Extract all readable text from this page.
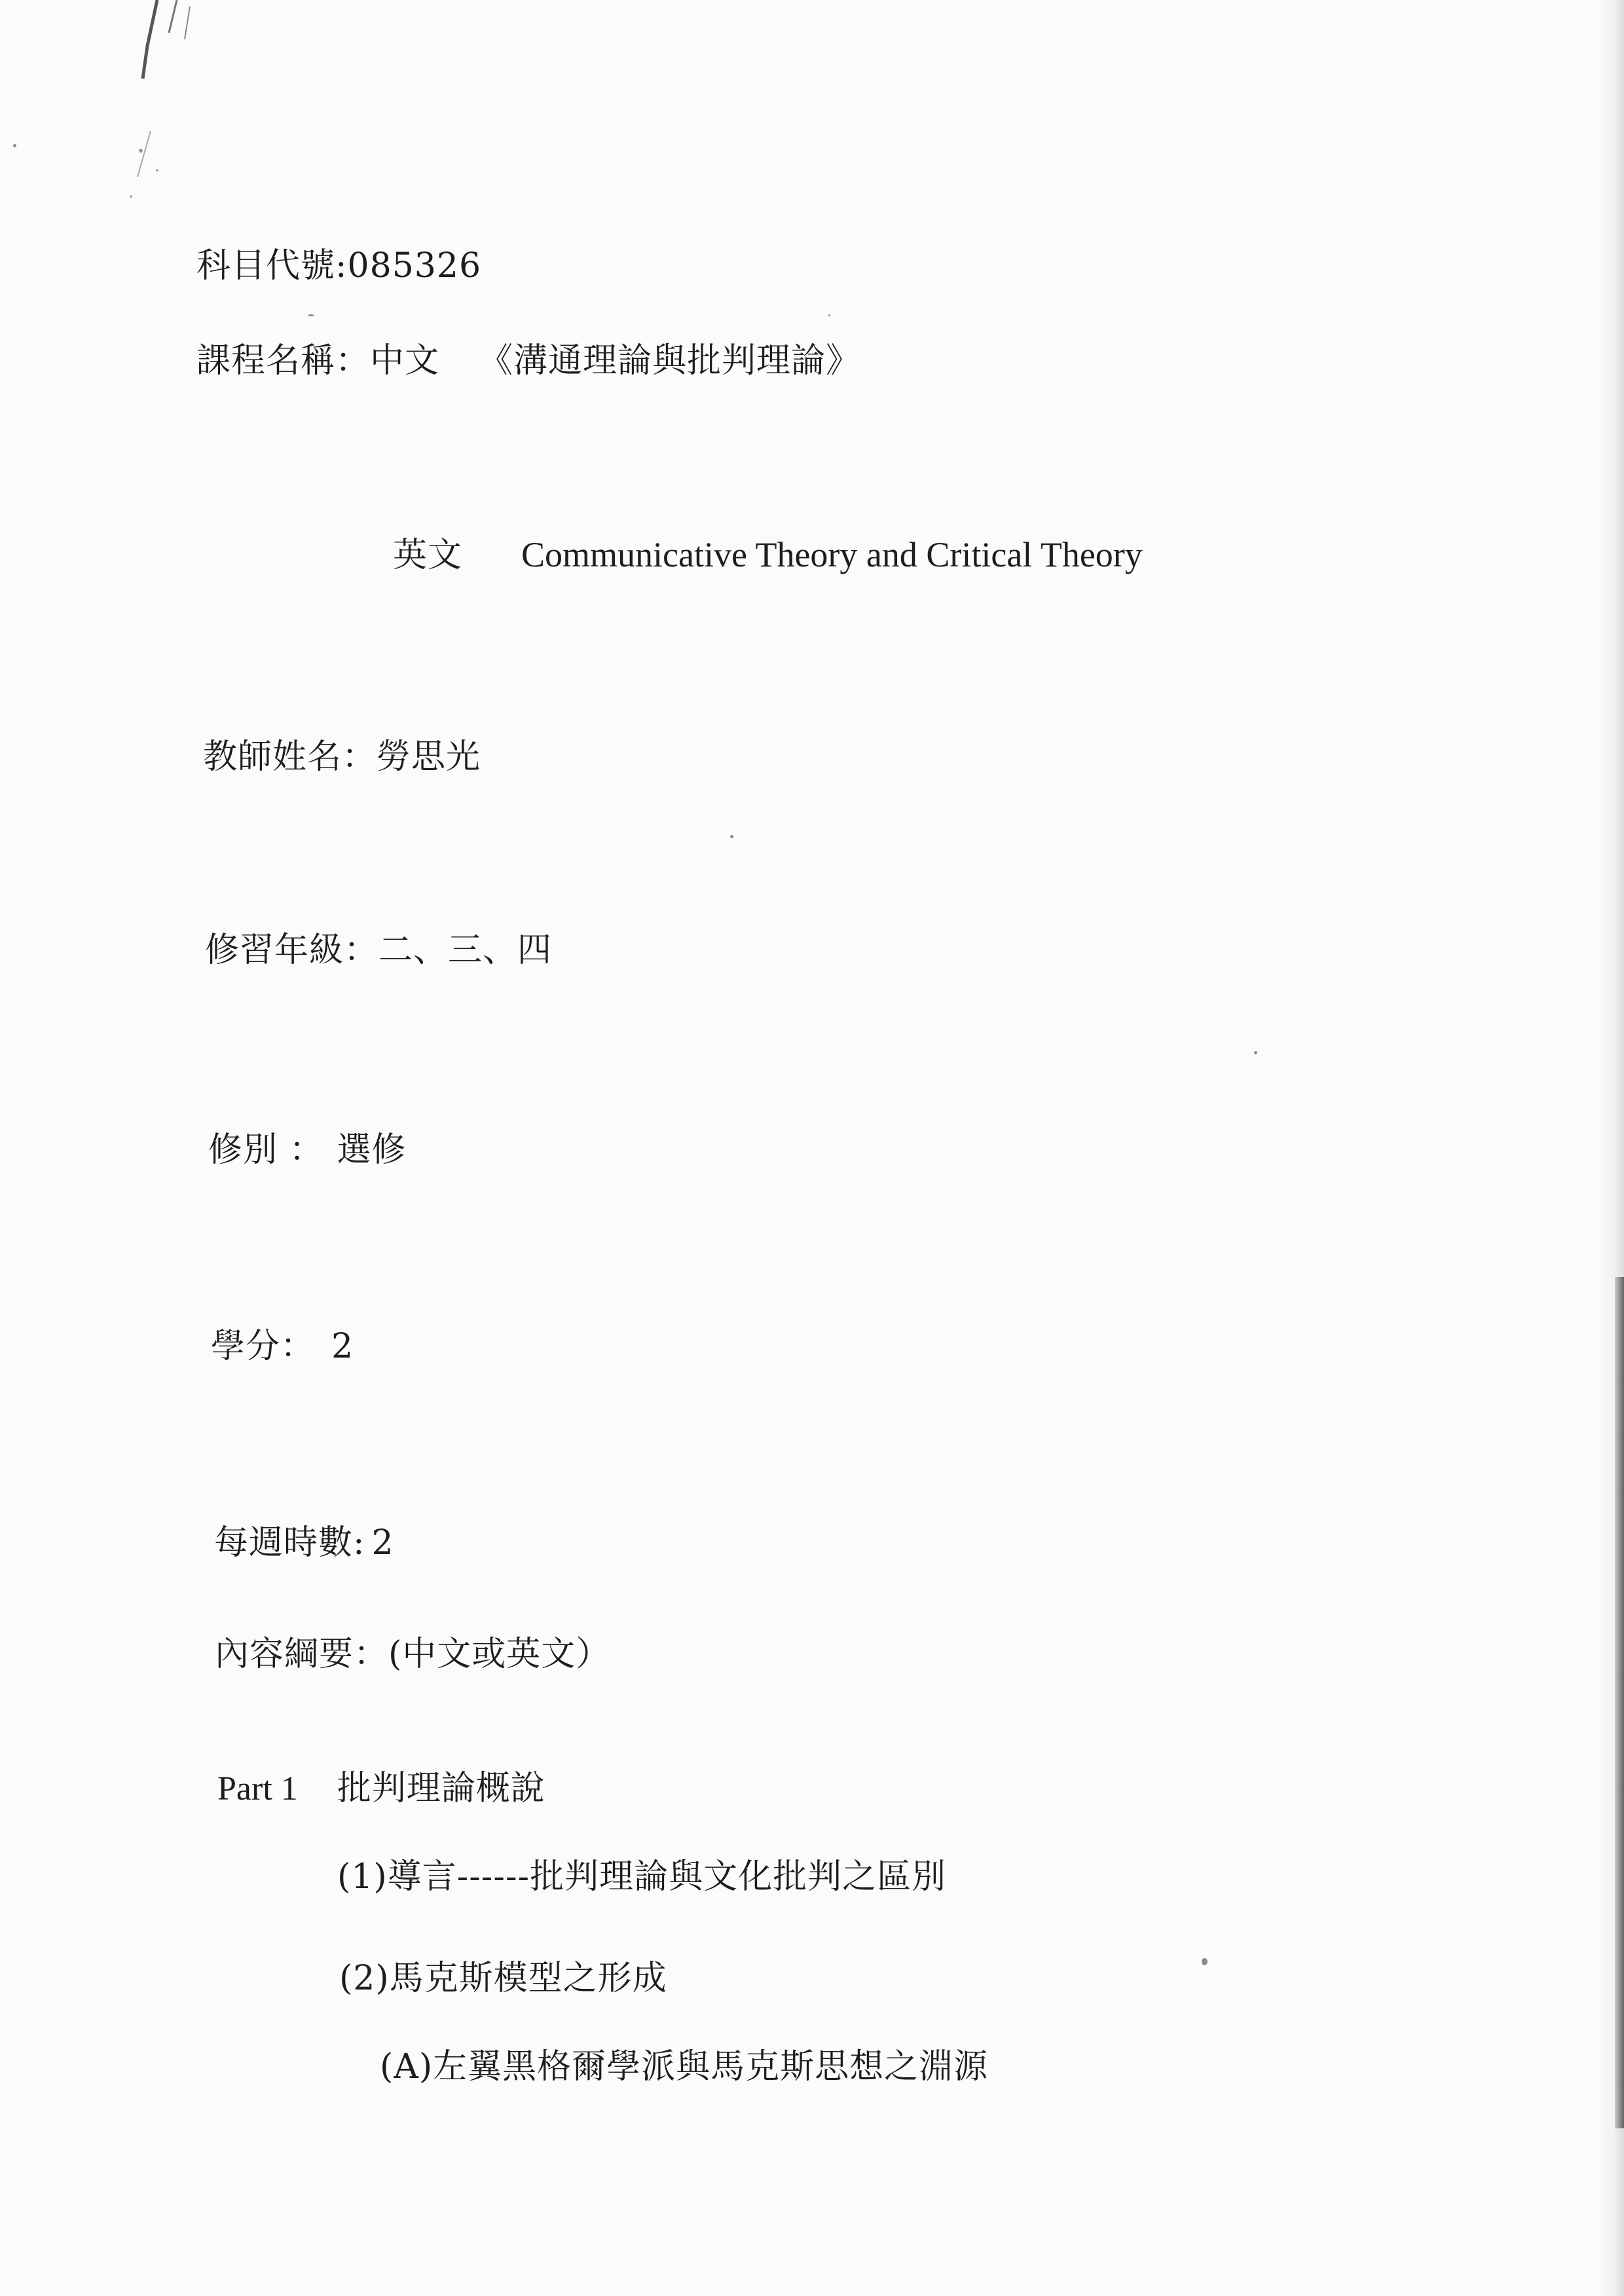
科目代號:085326
課程名稱：中文 《溝通理論與批判理論》
英文 Communicative Theory and Critical Theory
教師姓名：勞思光
修習年級：二、三、四
修別 ： 選修
學分： 2
每週時數: 2
內容綱要：(中文或英文）
Part 1 批判理論概說
(1)導言------批判理論與文化批判之區別
(2)馬克斯模型之形成
(A)左翼黑格爾學派與馬克斯思想之淵源
